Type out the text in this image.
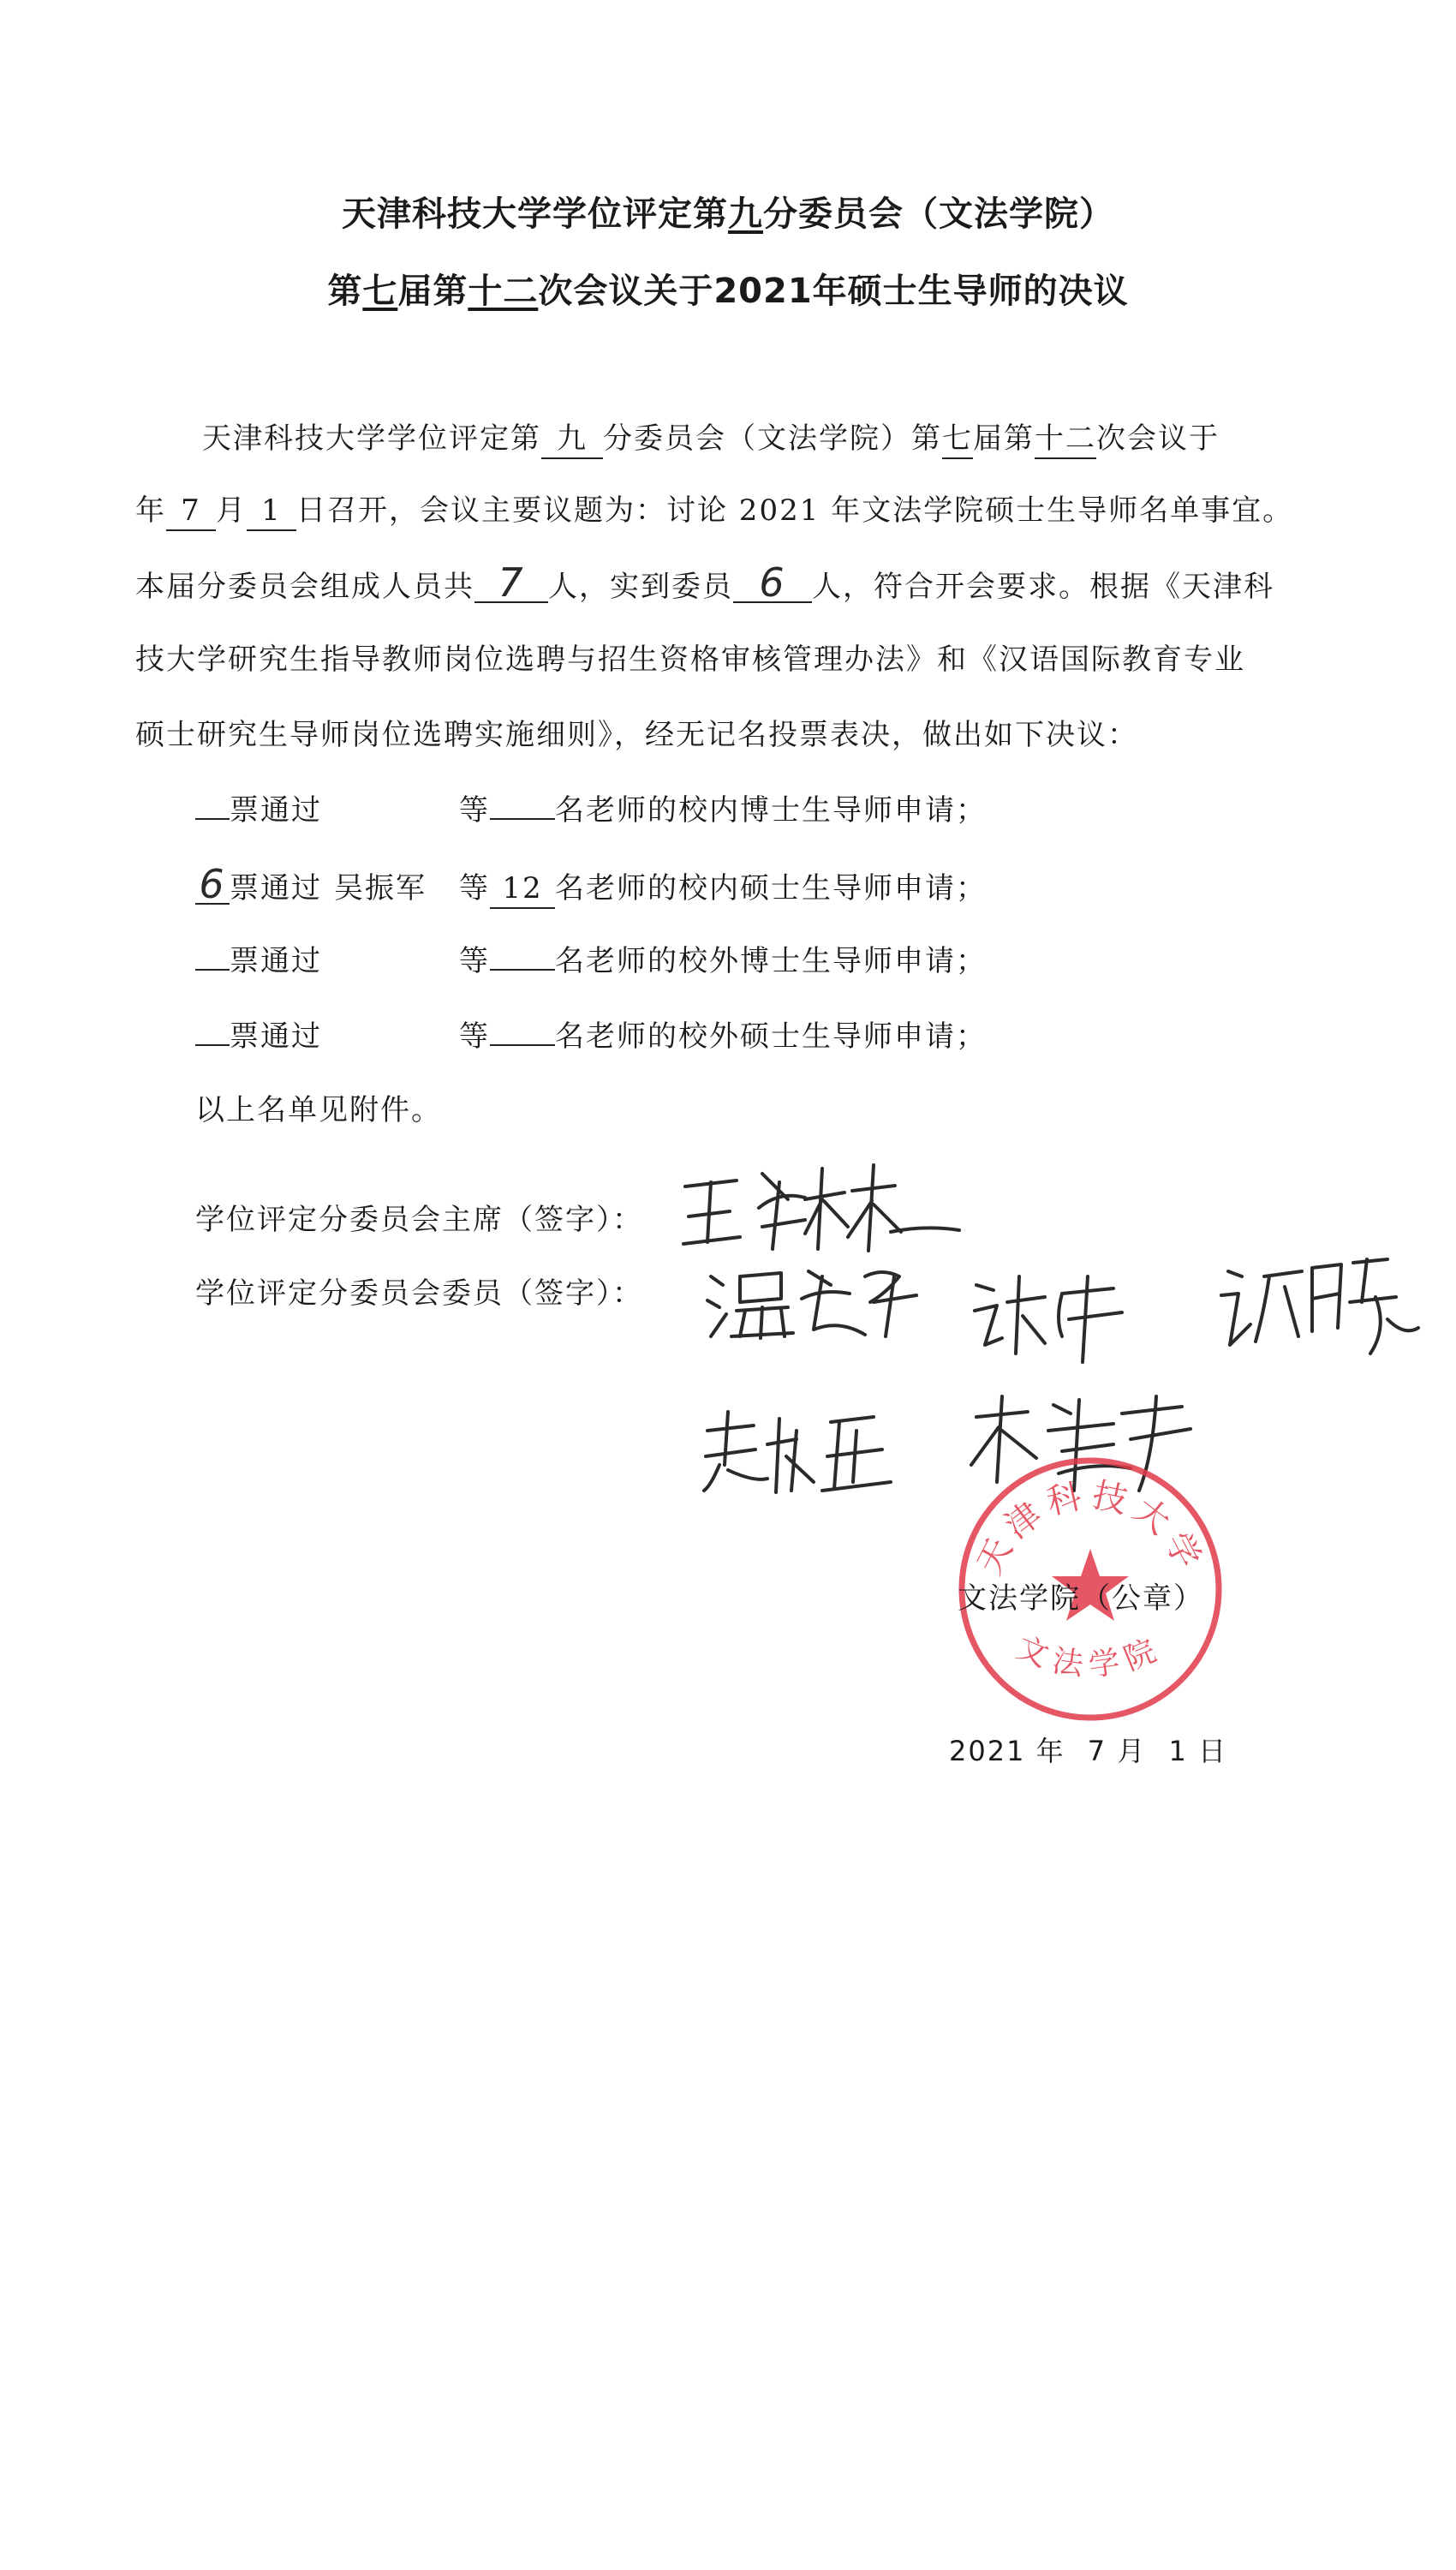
天津科技大学学位评定第九分委员会（文法学院）
第七届第十二次会议关于2021年硕士生导师的决议
天津科技大学学位评定第 九 分委员会（文法学院）第七届第十二次会议于
年 7 月 1 日召开，会议主要议题为：讨论 2021 年文法学院硕士生导师名单事宜。
本届分委员会组成人员共 7 人，实到委员 6 人，符合开会要求。根据《天津科
技大学研究生指导教师岗位选聘与招生资格审核管理办法》和《汉语国际教育专业
硕士研究生导师岗位选聘实施细则》，经无记名投票表决，做出如下决议：
票通过	等 名老师的校内博士生导师申请；
6 票通过 吴振军 等 12 名老师的校内硕士生导师申请；
票通过	等 名老师的校外博士生导师申请；
票通过	等 名老师的校外硕士生导师申请；
以上名单见附件。
学位评定分委员会主席（签字）：
学位评定分委员会委员（签字）：
天津科技大学
文法学院
文法学院（公章）
2021 年 7 月 1 日
